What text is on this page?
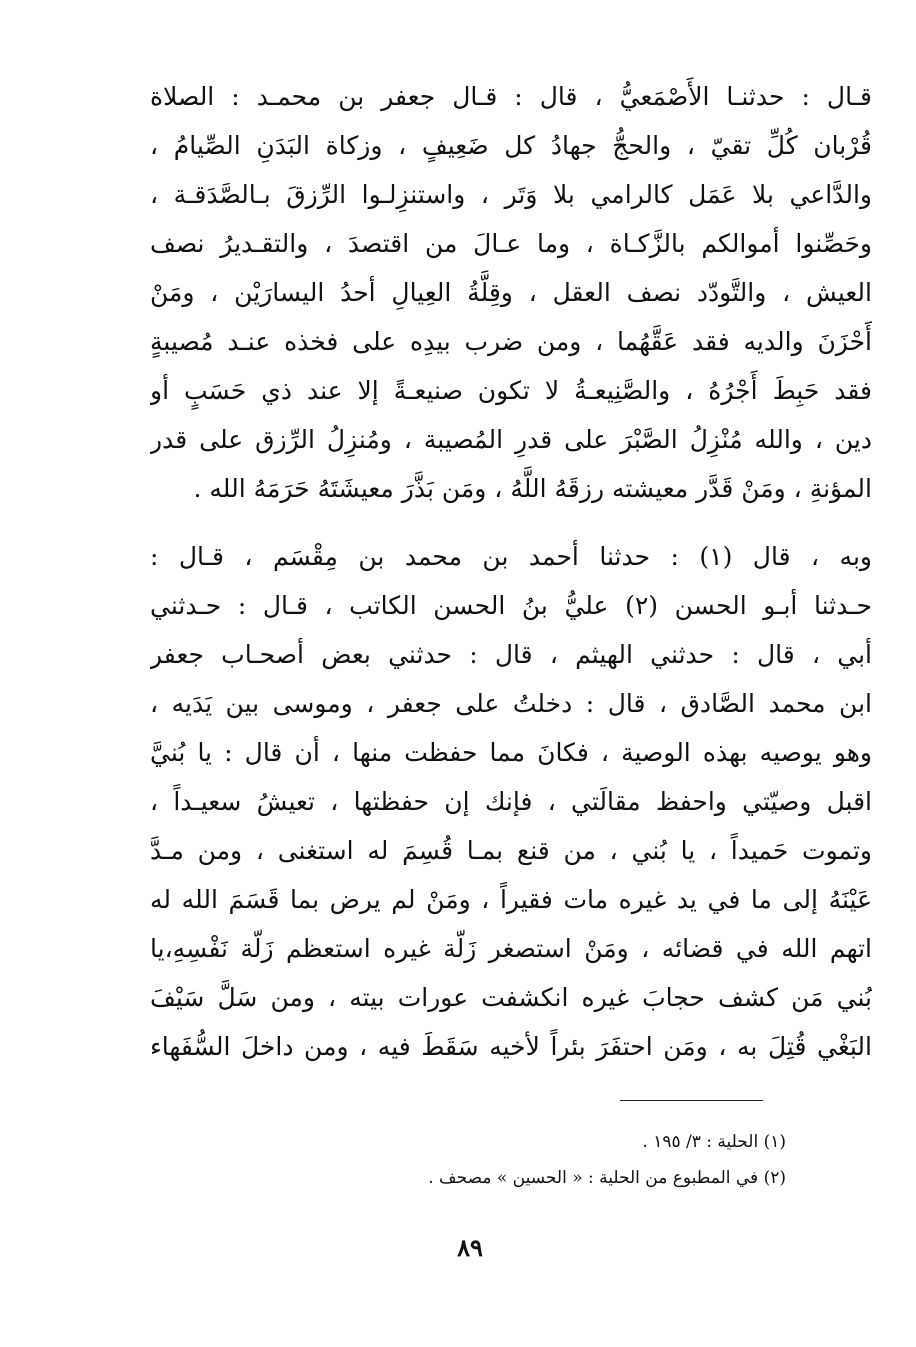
قـال : حدثنـا الأَصْمَعيُّ ، قال : قـال جعفر بن محمـد : الصلاة
قُرْبان كُلِّ تقيّ ، والحجُّ جهادُ كل ضَعِيفٍ ، وزكاة البَدَنِ الصِّيامُ ،
والدَّاعي بلا عَمَل كالرامي بلا وَتَر ، واستنزِلـوا الرِّزقَ بـالصَّدَقـة ،
وحَصِّنوا أموالكم بالزَّكـاة ، وما عـالَ من اقتصدَ ، والتقـديرُ نصف
العيش ، والتَّودّد نصف العقل ، وقِلَّةُ العِيالِ أحدُ اليسارَيْن ، ومَنْ
أَحْزَنَ والديه فقد عَقَّهُما ، ومن ضرب بيدِه على فخذه عنـد مُصيبةٍ
فقد حَبِطَ أَجْرُهُ ، والصَّنِيعـةُ لا تكون صنيعـةً إلا عند ذي حَسَبٍ أو
دين ، والله مُنْزِلُ الصَّبْرَ على قدرِ المُصيبة ، ومُنزِلُ الرِّزق على قدر
المؤنةِ ، ومَنْ قَدَّر معيشته رزقَهُ اللَّهُ ، ومَن بَذَّرَ معيشَتَهُ حَرَمَهُ الله .
وبه ، قال (١) : حدثنا أحمد بن محمد بن مِقْسَم ، قـال :
حـدثنا أبـو الحسن (٢) عليُّ بنُ الحسن الكاتب ، قـال : حـدثني
أبي ، قال : حدثني الهيثم ، قال : حدثني بعض أصحـاب جعفر
ابن محمد الصَّادق ، قال : دخلتُ على جعفر ، وموسى بين يَدَيه ،
وهو يوصيه بهذه الوصية ، فكانَ مما حفظت منها ، أن قال : يا بُنيَّ
اقبل وصيّتي واحفظ مقالَتي ، فإنك إن حفظتها ، تعيشُ سعيـداً ،
وتموت حَميداً ، يا بُني ، من قنع بمـا قُسِمَ له استغنى ، ومن مـدَّ
عَيْنَهُ إلى ما في يد غيره مات فقيراً ، ومَنْ لم يرض بما قَسَمَ الله له
اتهم الله في قضائه ، ومَنْ استصغر زَلّة غيره استعظم زَلّة نَفْسِهِ،يا
بُني مَن كشف حجابَ غيره انكشفت عورات بيته ، ومن سَلَّ سَيْفَ
البَغْي قُتِلَ به ، ومَن احتفَرَ بئراً لأخيه سَقَطَ فيه ، ومن داخلَ السُّفَهاء
(١) الحلية : ٣/ ١٩٥ .
(٢) في المطبوع من الحلية : « الحسين » مصحف .
٨٩
